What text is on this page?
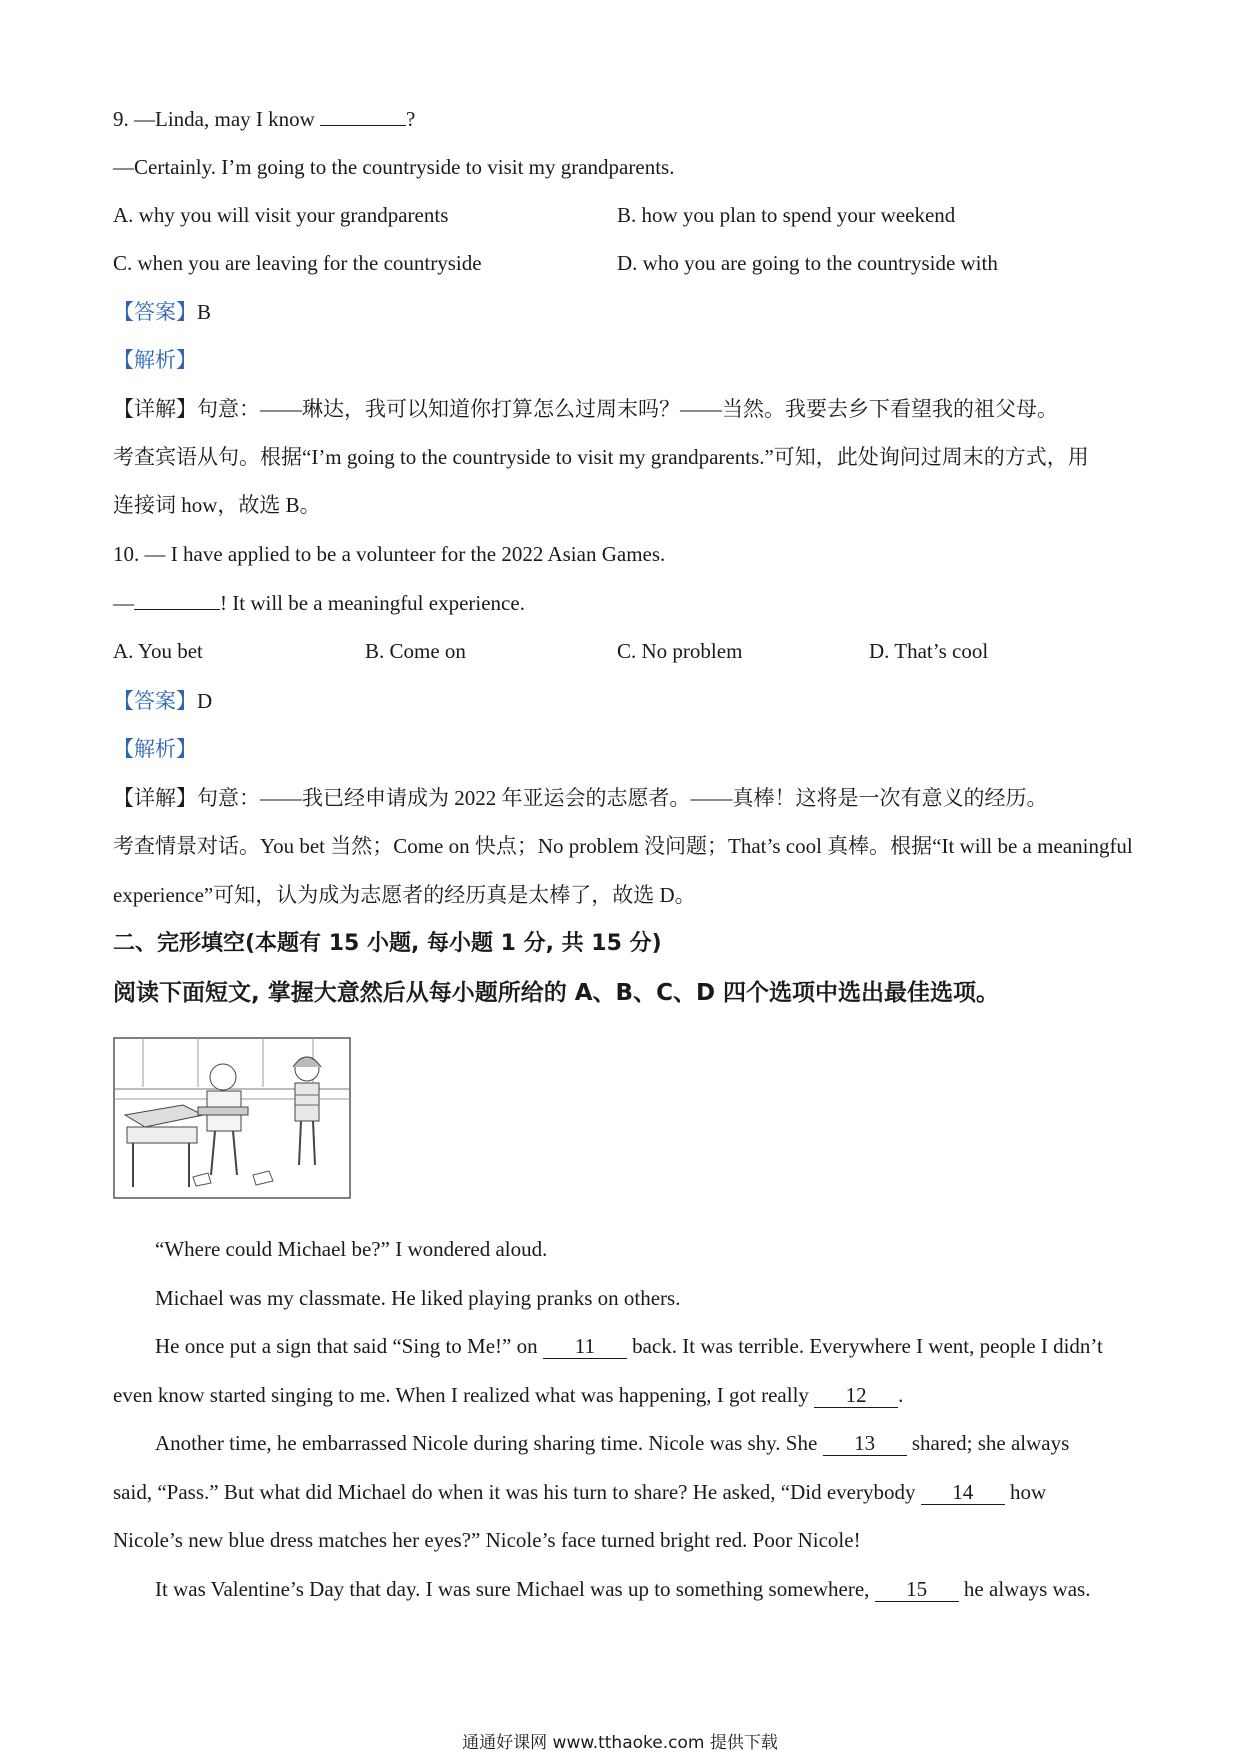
9. —Linda, may I know	?
—Certainly. I’m going to the countryside to visit my grandparents.
A. why you will visit your grandparents	B. how you plan to spend your weekend
C. when you are leaving for the countryside	D. who you are going to the countryside with
【答案】B
【解析】
【详解】句意：——琳达，我可以知道你打算怎么过周末吗？——当然。我要去乡下看望我的祖父母。
考查宾语从句。根据“I’m going to the countryside to visit my grandparents.”可知，此处询问过周末的方式，用
连接词 how，故选 B。
10. — I have applied to be a volunteer for the 2022 Asian Games.
—	! It will be a meaningful experience.
A. You bet	B. Come on	C. No problem	D. That’s cool
【答案】D
【解析】
【详解】句意：——我已经申请成为 2022 年亚运会的志愿者。——真棒！这将是一次有意义的经历。
考查情景对话。You bet 当然；Come on 快点；No problem 没问题；That’s cool 真棒。根据“It will be a meaningful
experience”可知，认为成为志愿者的经历真是太棒了，故选 D。
二、完形填空(本题有 15 小题, 每小题 1 分, 共 15 分)
阅读下面短文, 掌握大意然后从每小题所给的 A、B、C、D 四个选项中选出最佳选项。
“Where could Michael be?” I wondered aloud.
Michael was my classmate. He liked playing pranks on others.
He once put a sign that said “Sing to Me!” on 11 back. It was terrible. Everywhere I went, people I didn’t
even know started singing to me. When I realized what was happening, I got really 12 .
Another time, he embarrassed Nicole during sharing time. Nicole was shy. She 13 shared; she always
said, “Pass.” But what did Michael do when it was his turn to share? He asked, “Did everybody 14 how
Nicole’s new blue dress matches her eyes?” Nicole’s face turned bright red. Poor Nicole!
It was Valentine’s Day that day. I was sure Michael was up to something somewhere, 15 he always was.
通通好课网 www.tthaoke.com 提供下载
